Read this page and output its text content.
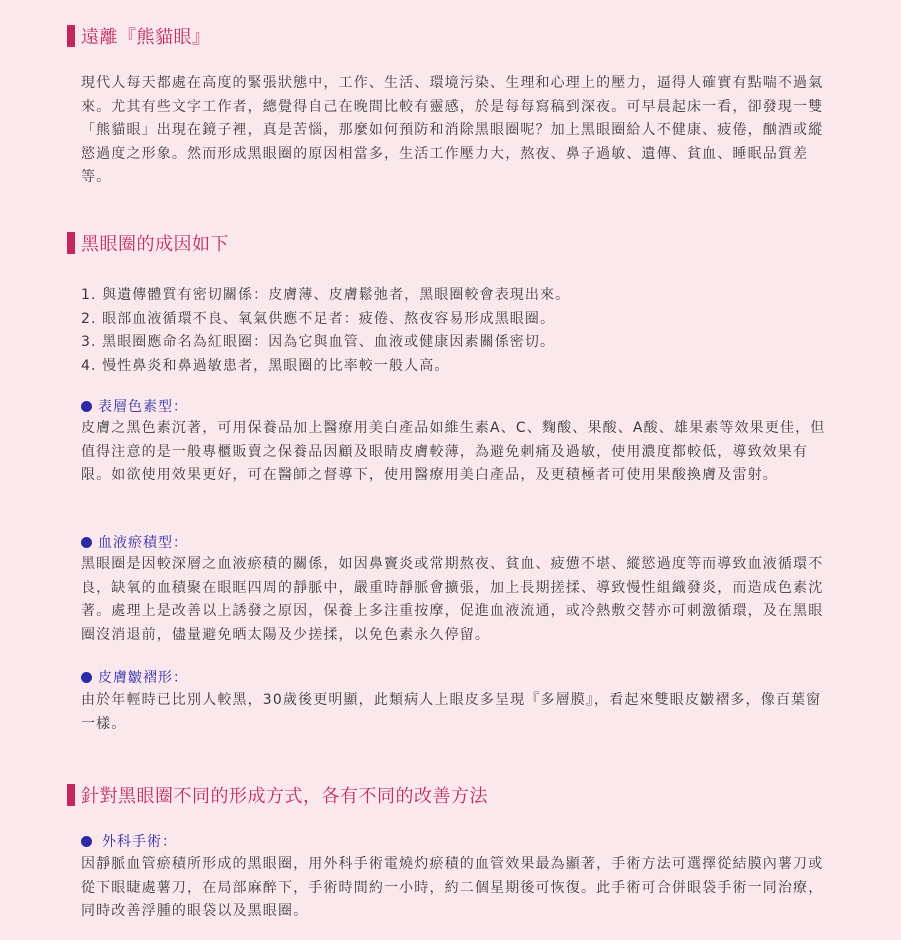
遠離『熊貓眼』

現代人每天都處在高度的緊張狀態中，工作、生活、環境污染、生理和心理上的壓力，逼得人確實有點喘不過氣來。尤其有些文字工作者，總覺得自己在晚間比較有靈感，於是每每寫稿到深夜。可早晨起床一看，卻發現一雙「熊貓眼」出現在鏡子裡，真是苦惱，那麼如何預防和消除黑眼圈呢？加上黑眼圈給人不健康、疲倦，酗酒或縱慾過度之形象。然而形成黑眼圈的原因相當多，生活工作壓力大，熬夜、鼻子過敏、遺傳、貧血、睡眠品質差等。

黑眼圈的成因如下
1. 與遺傳體質有密切關係：皮膚薄、皮膚鬆弛者，黑眼圈較會表現出來。
2. 眼部血液循環不良、氧氣供應不足者：疲倦、熬夜容易形成黑眼圈。
3. 黑眼圈應命名為紅眼圈：因為它與血管、血液或健康因素關係密切。
4. 慢性鼻炎和鼻過敏患者，黑眼圈的比率較一般人高。
表層色素型：

皮膚之黑色素沉著，可用保養品加上醫療用美白產品如維生素A、C、麴酸、果酸、A酸、雄果素等效果更佳，但值得注意的是一般專櫃販賣之保養品因顧及眼睛皮膚較薄，為避免刺痛及過敏，使用濃度都較低，導致效果有限。如欲使用效果更好，可在醫師之督導下，使用醫療用美白產品，及更積極者可使用果酸換膚及雷射。

血液瘀積型：

黑眼圈是因較深層之血液瘀積的關係，如因鼻竇炎或常期熬夜、貧血、疲憊不堪、縱慾過度等而導致血液循環不良，缺氧的血積聚在眼眶四周的靜脈中，嚴重時靜脈會擴張，加上長期搓揉、導致慢性組織發炎，而造成色素沈著。處理上是改善以上誘發之原因，保養上多注重按摩，促進血液流通，或冷熱敷交替亦可刺激循環，及在黑眼圈沒消退前，儘量避免晒太陽及少搓揉，以免色素永久停留。

皮膚皺褶形：

由於年輕時已比別人較黑，30歲後更明顯，此類病人上眼皮多呈現『多層膜』，看起來雙眼皮皺褶多，像百葉窗一樣。

針對黑眼圈不同的形成方式，各有不同的改善方法
外科手術：

因靜脈血管瘀積所形成的黑眼圈，用外科手術電燒灼瘀積的血管效果最為顯著，手術方法可選擇從結膜內薯刀或從下眼睫處薯刀，在局部麻醉下，手術時間約一小時，約二個星期後可恢復。此手術可合併眼袋手術一同治療，同時改善浮腫的眼袋以及黑眼圈。
